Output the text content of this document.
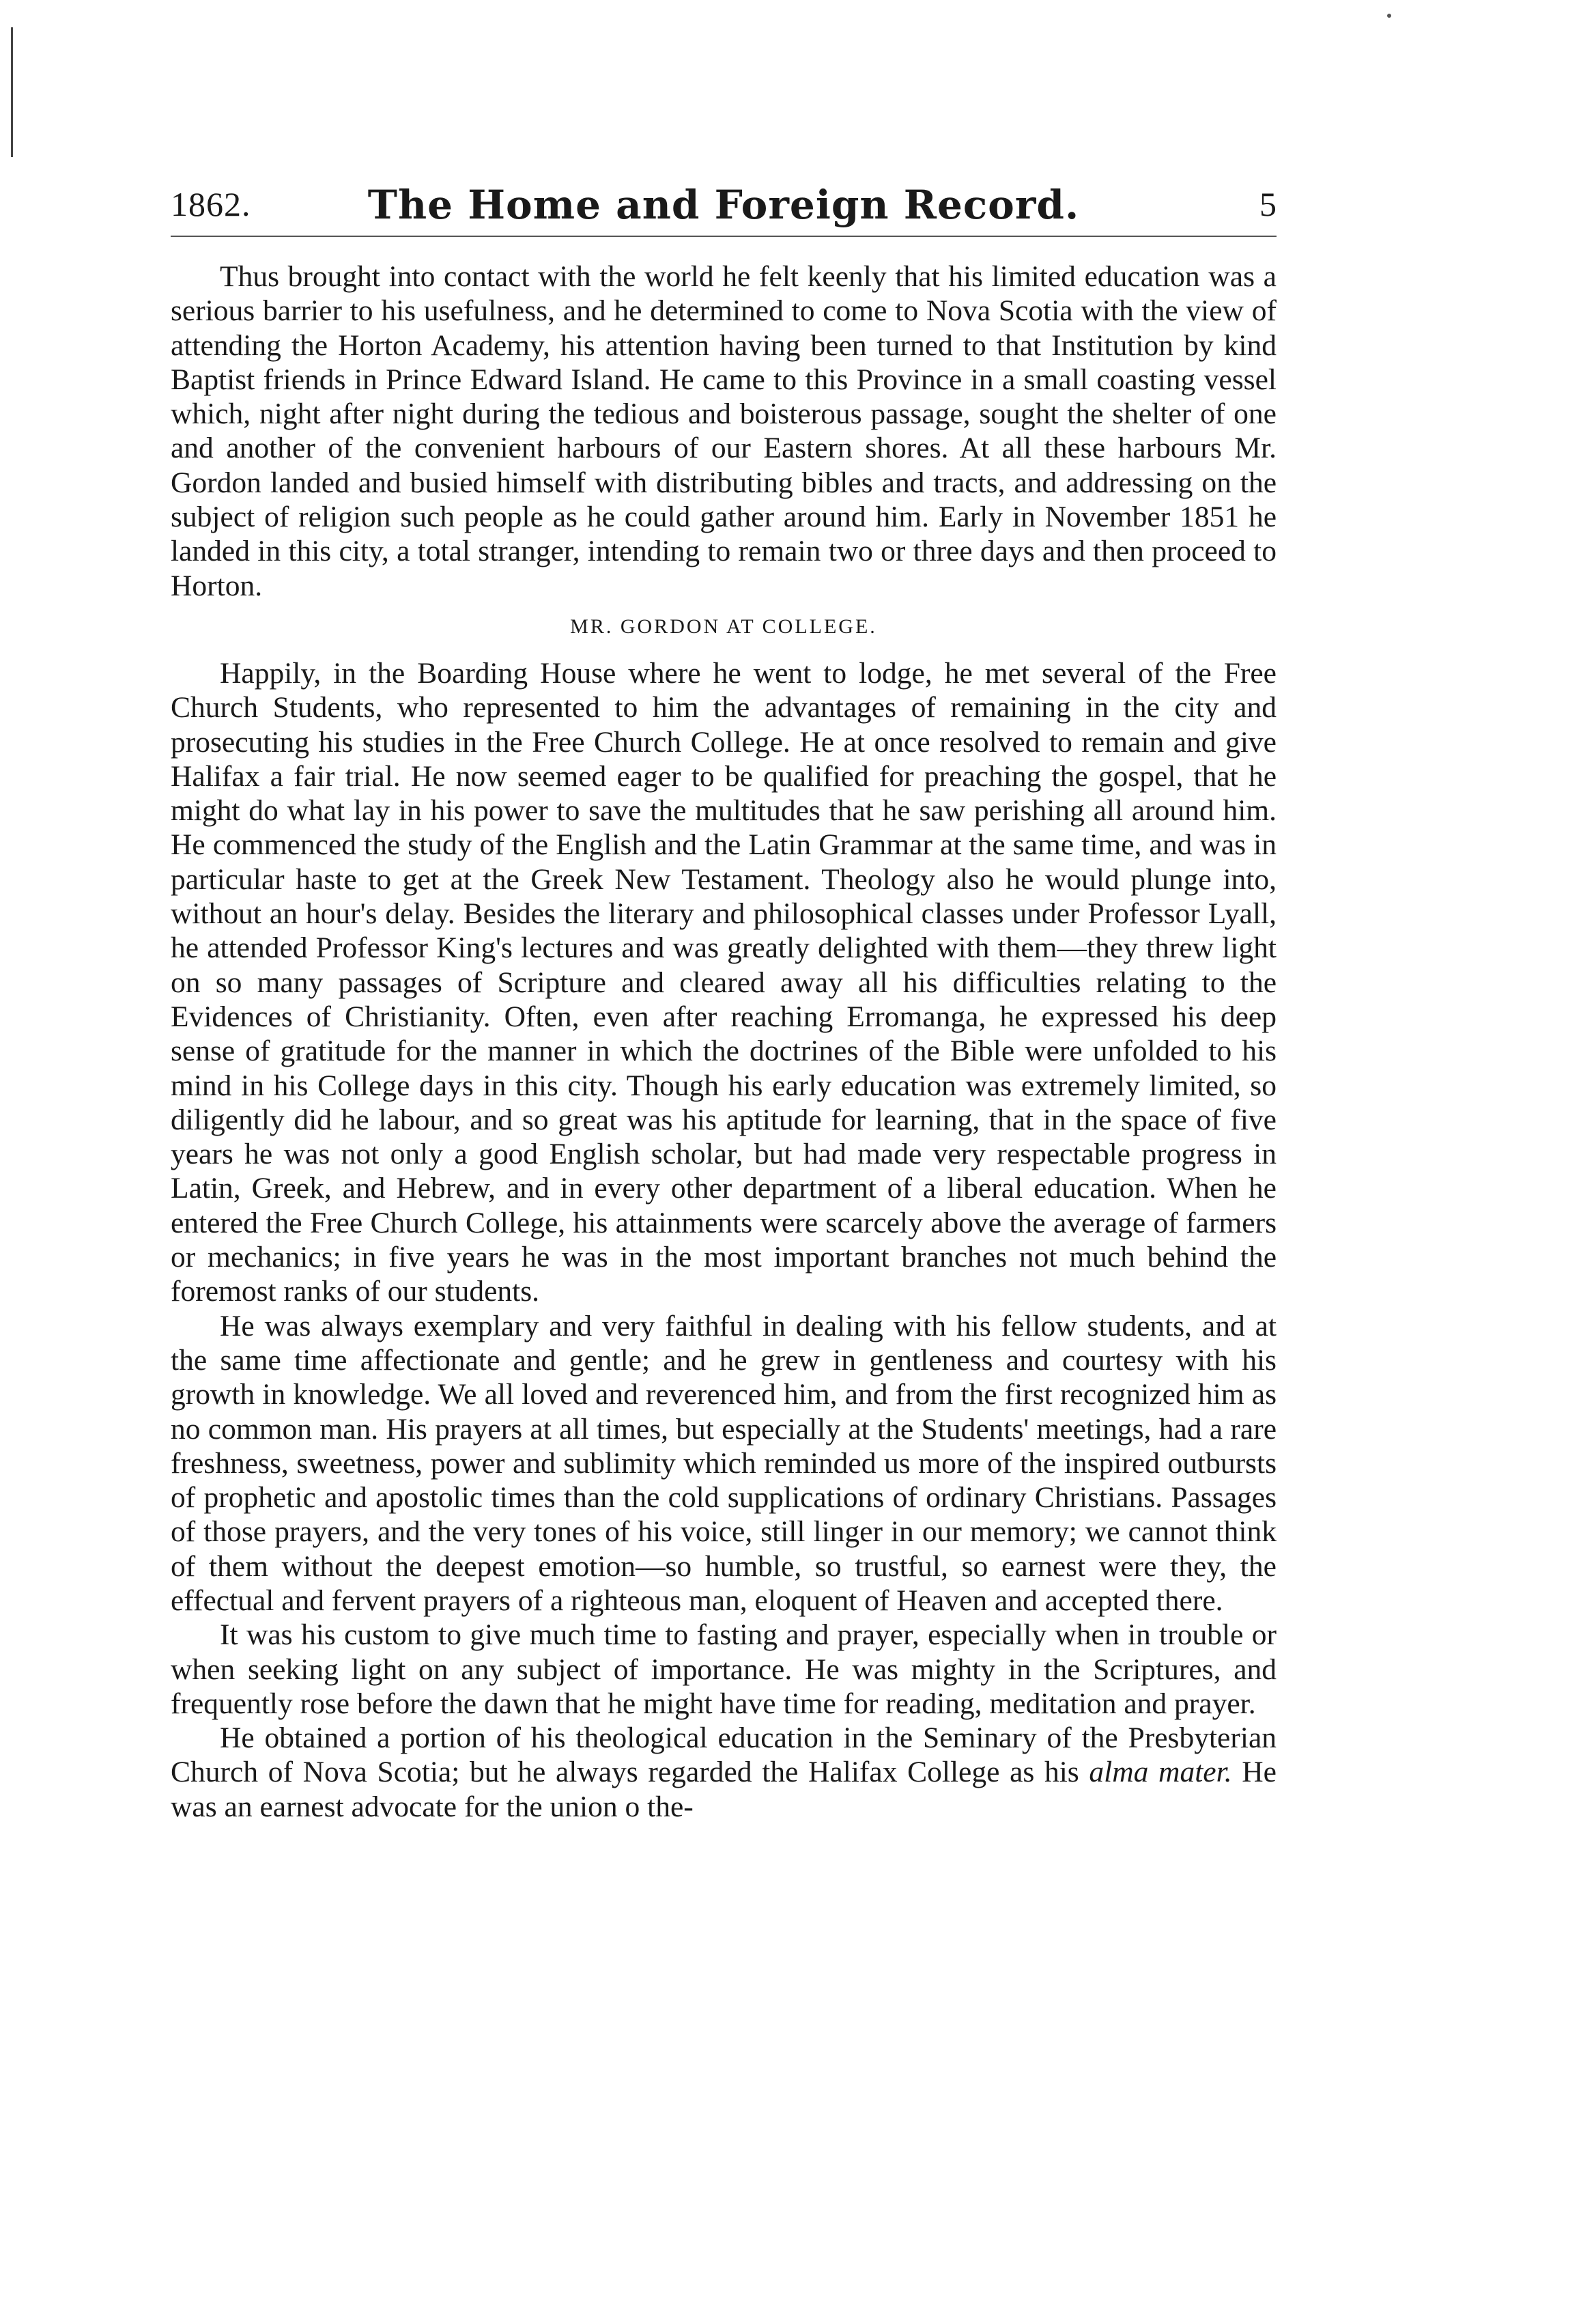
1862.	The Home and Foreign Record.	5

Thus brought into contact with the world he felt keenly that his limited education was a serious barrier to his usefulness, and he determined to come to Nova Scotia with the view of attending the Horton Academy, his attention having been turned to that Institution by kind Baptist friends in Prince Edward Island. He came to this Province in a small coasting vessel which, night after night during the tedious and boisterous passage, sought the shelter of one and another of the convenient harbours of our Eastern shores. At all these harbours Mr. Gordon landed and busied himself with distributing bibles and tracts, and addressing on the subject of religion such people as he could gather around him. Early in November 1851 he landed in this city, a total stranger, intending to remain two or three days and then proceed to Horton.

MR. GORDON AT COLLEGE.

Happily, in the Boarding House where he went to lodge, he met several of the Free Church Students, who represented to him the advantages of remaining in the city and prosecuting his studies in the Free Church College. He at once resolved to remain and give Halifax a fair trial. He now seemed eager to be qualified for preaching the gospel, that he might do what lay in his power to save the multitudes that he saw perishing all around him. He commenced the study of the English and the Latin Grammar at the same time, and was in particular haste to get at the Greek New Testament. Theology also he would plunge into, without an hour's delay. Besides the literary and philosophical classes under Professor Lyall, he attended Professor King's lectures and was greatly delighted with them—they threw light on so many passages of Scripture and cleared away all his difficulties relating to the Evidences of Christianity. Often, even after reaching Erromanga, he expressed his deep sense of gratitude for the manner in which the doctrines of the Bible were unfolded to his mind in his College days in this city. Though his early education was extremely limited, so diligently did he labour, and so great was his aptitude for learning, that in the space of five years he was not only a good English scholar, but had made very respectable progress in Latin, Greek, and Hebrew, and in every other department of a liberal education. When he entered the Free Church College, his attainments were scarcely above the average of farmers or mechanics; in five years he was in the most important branches not much behind the foremost ranks of our students.

He was always exemplary and very faithful in dealing with his fellow students, and at the same time affectionate and gentle; and he grew in gentleness and courtesy with his growth in knowledge. We all loved and reverenced him, and from the first recognized him as no common man. His prayers at all times, but especially at the Students' meetings, had a rare freshness, sweetness, power and sublimity which reminded us more of the inspired outbursts of prophetic and apostolic times than the cold supplications of ordinary Christians. Passages of those prayers, and the very tones of his voice, still linger in our memory; we cannot think of them without the deepest emotion—so humble, so trustful, so earnest were they, the effectual and fervent prayers of a righteous man, eloquent of Heaven and accepted there.

It was his custom to give much time to fasting and prayer, especially when in trouble or when seeking light on any subject of importance. He was mighty in the Scriptures, and frequently rose before the dawn that he might have time for reading, meditation and prayer.

He obtained a portion of his theological education in the Seminary of the Presbyterian Church of Nova Scotia; but he always regarded the Halifax College as his alma mater. He was an earnest advocate for the union o the-
